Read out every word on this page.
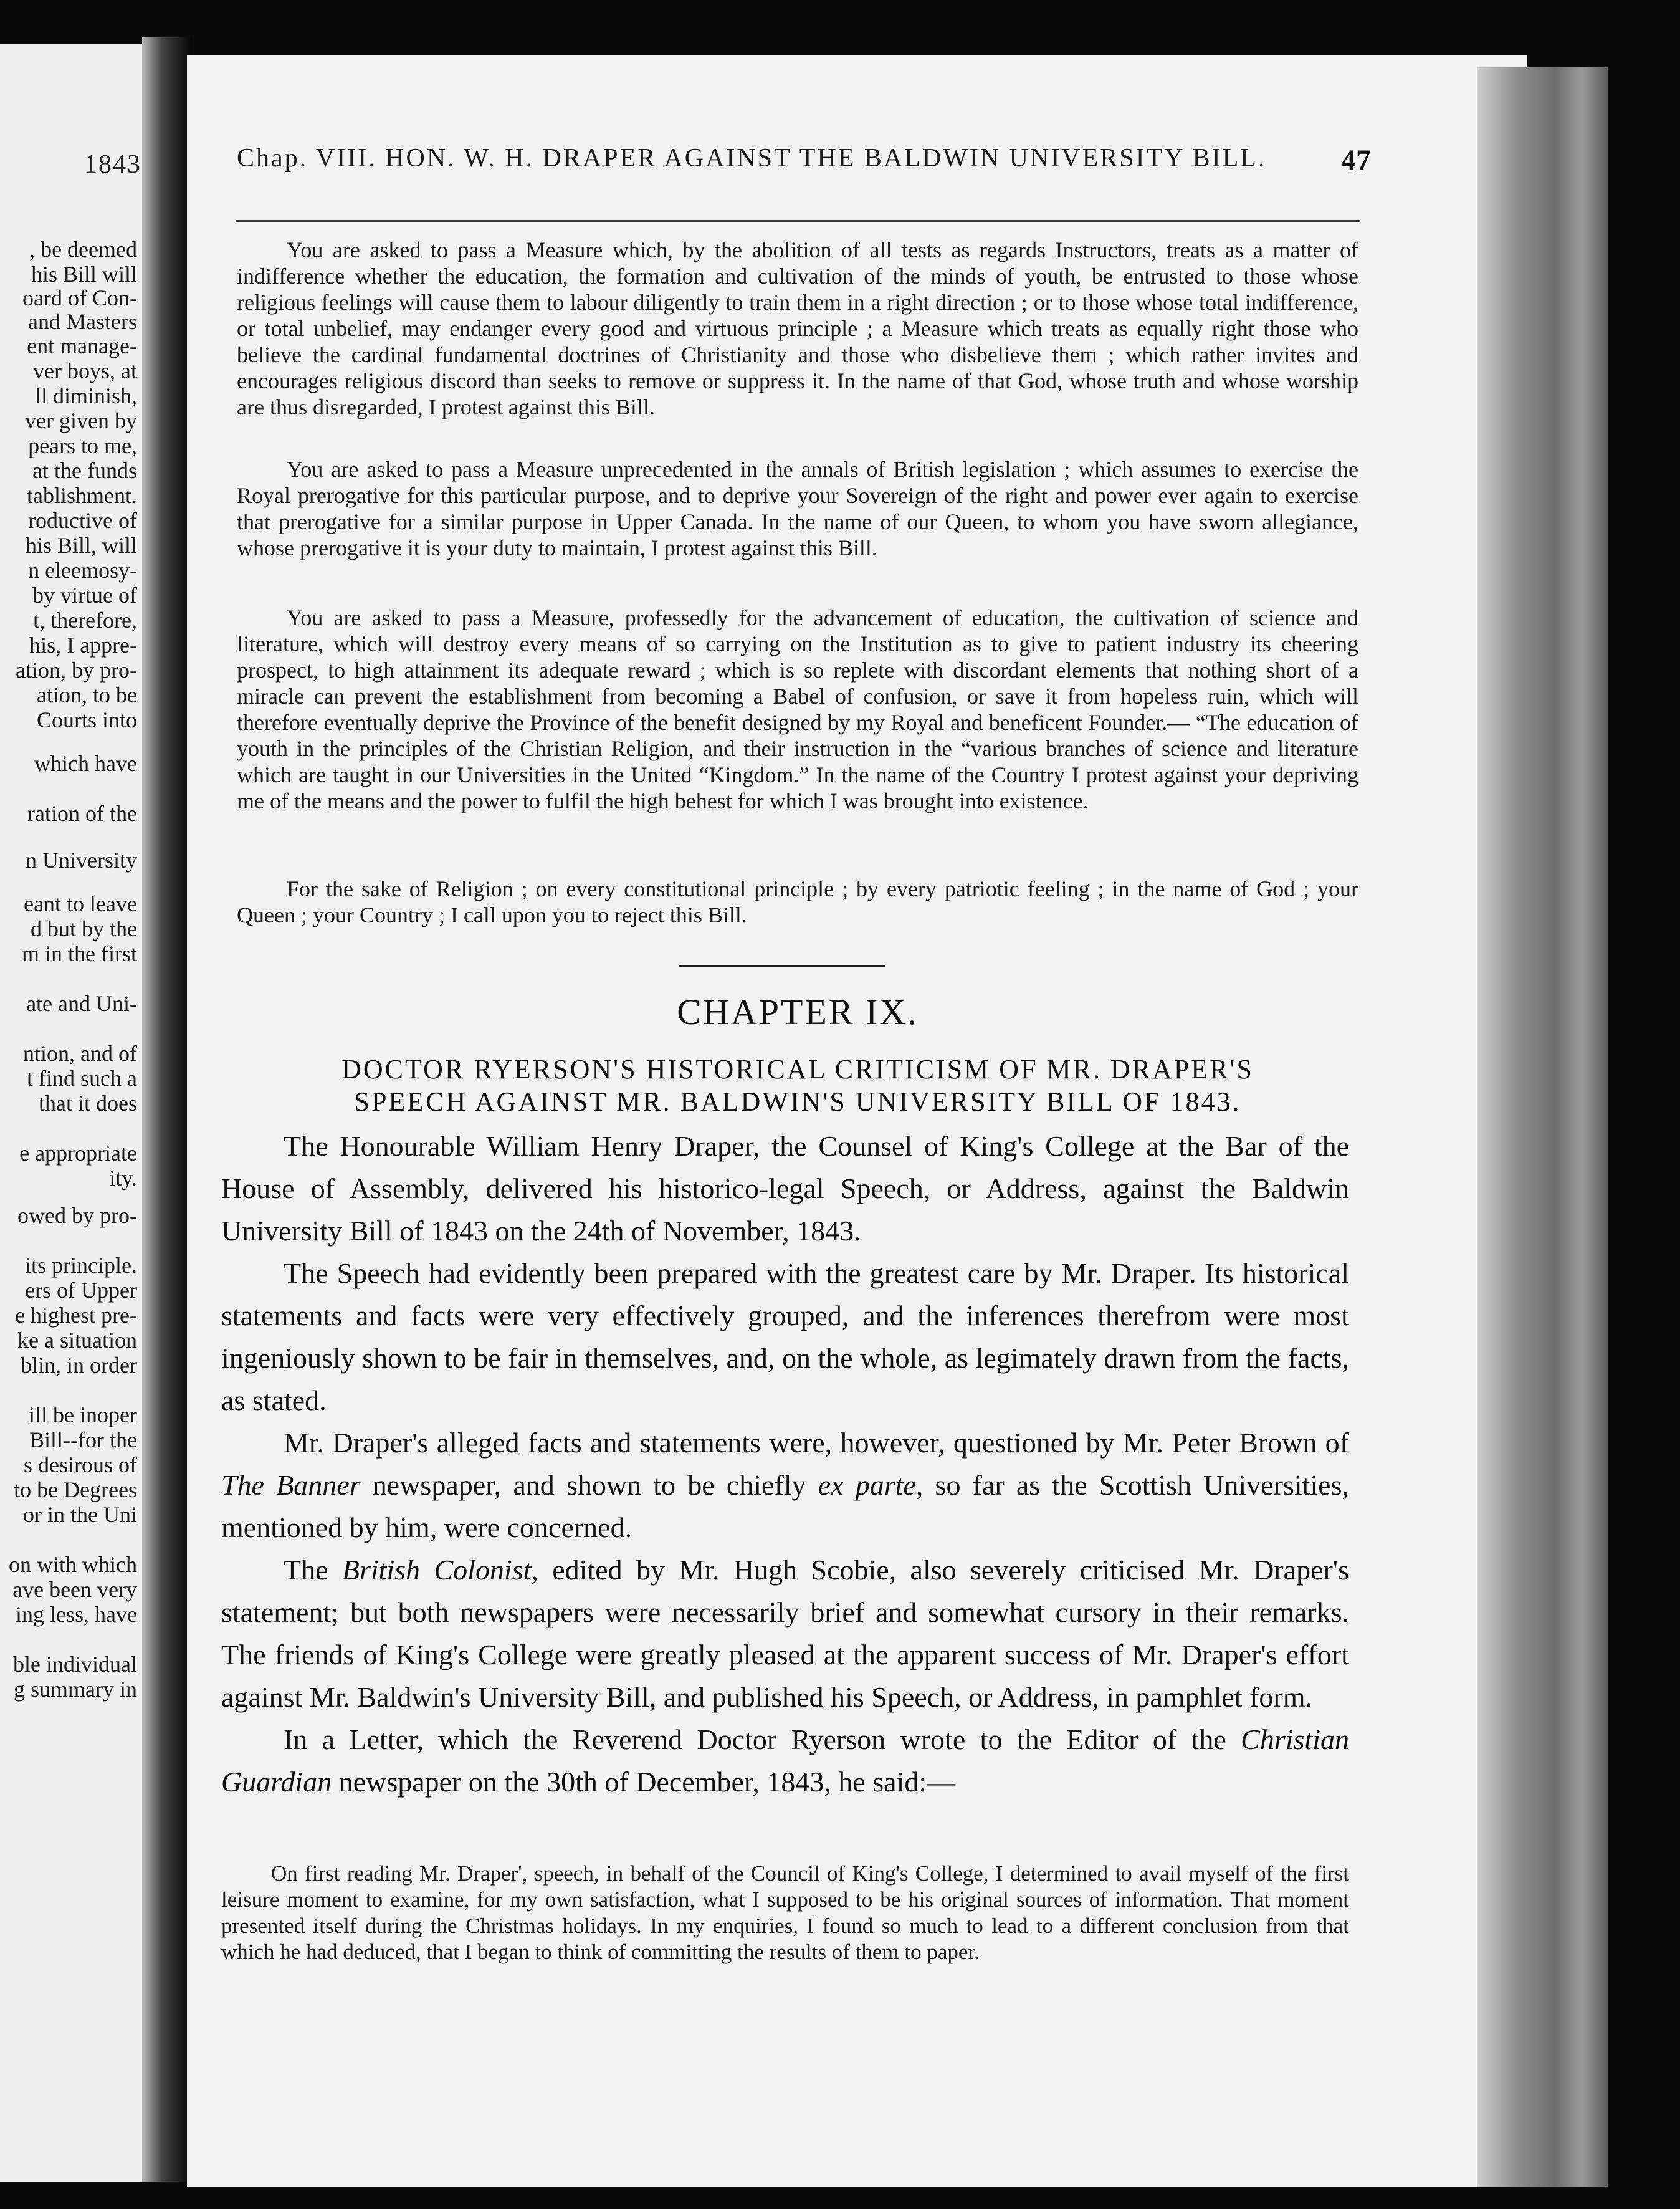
1843
, be deemed
his Bill will
oard of Con-
and Masters
ent manage-
ver boys, at
ll diminish,
ver given by
pears to me,
at the funds
tablishment.
roductive of
his Bill, will
n eleemosy-
by virtue of
t, therefore,
his, I appre-
ation, by pro-
ation, to be
Courts into
which have
ration of the
n University
eant to leave
d but by the
m in the first
ate and Uni-
ntion, and of
t find such a
that it does
e appropriate
ity.
owed by pro-
its principle.
ers of Upper
e highest pre-
ke a situation
blin, in order
ill be inoper
Bill--for the
s desirous of
to be Degrees
or in the Uni
on with which
ave been very
ing less, have
ble individual
g summary in
Chap. VIII. HON. W. H. DRAPER AGAINST THE BALDWIN UNIVERSITY BILL. 47

You are asked to pass a Measure which, by the abolition of all tests as regards Instructors, treats as a matter of indifference whether the education, the formation and cultivation of the minds of youth, be entrusted to those whose religious feelings will cause them to labour diligently to train them in a right direction ; or to those whose total indifference, or total unbelief, may endanger every good and virtuous principle ; a Measure which treats as equally right those who believe the cardinal fundamental doctrines of Christianity and those who disbelieve them ; which rather invites and encourages religious discord than seeks to remove or suppress it. In the name of that God, whose truth and whose worship are thus disregarded, I protest against this Bill.

You are asked to pass a Measure unprecedented in the annals of British legislation ; which assumes to exercise the Royal prerogative for this particular purpose, and to deprive your Sovereign of the right and power ever again to exercise that prerogative for a similar purpose in Upper Canada. In the name of our Queen, to whom you have sworn allegiance, whose prerogative it is your duty to maintain, I protest against this Bill.

You are asked to pass a Measure, professedly for the advancement of education, the cultivation of science and literature, which will destroy every means of so carrying on the Institution as to give to patient industry its cheering prospect, to high attainment its adequate reward ; which is so replete with discordant elements that nothing short of a miracle can prevent the establishment from becoming a Babel of confusion, or save it from hopeless ruin, which will therefore eventually deprive the Province of the benefit designed by my Royal and beneficent Founder.— “The education of youth in the principles of the Christian Religion, and their instruction in the “various branches of science and literature which are taught in our Universities in the United “Kingdom.” In the name of the Country I protest against your depriving me of the means and the power to fulfil the high behest for which I was brought into existence.

For the sake of Religion ; on every constitutional principle ; by every patriotic feeling ; in the name of God ; your Queen ; your Country ; I call upon you to reject this Bill.

CHAPTER IX.
DOCTOR RYERSON'S HISTORICAL CRITICISM OF MR. DRAPER'S
SPEECH AGAINST MR. BALDWIN'S UNIVERSITY BILL OF 1843.

The Honourable William Henry Draper, the Counsel of King's College at the Bar of the House of Assembly, delivered his historico-legal Speech, or Address, against the Baldwin University Bill of 1843 on the 24th of November, 1843.

The Speech had evidently been prepared with the greatest care by Mr. Draper. Its historical statements and facts were very effectively grouped, and the inferences therefrom were most ingeniously shown to be fair in themselves, and, on the whole, as legimately drawn from the facts, as stated.

Mr. Draper's alleged facts and statements were, however, questioned by Mr. Peter Brown of The Banner newspaper, and shown to be chiefly ex parte, so far as the Scottish Universities, mentioned by him, were concerned.

The British Colonist, edited by Mr. Hugh Scobie, also severely criticised Mr. Draper's statement; but both newspapers were necessarily brief and somewhat cursory in their remarks. The friends of King's College were greatly pleased at the apparent success of Mr. Draper's effort against Mr. Baldwin's University Bill, and published his Speech, or Address, in pamphlet form.

In a Letter, which the Reverend Doctor Ryerson wrote to the Editor of the Christian Guardian newspaper on the 30th of December, 1843, he said:—

On first reading Mr. Draper', speech, in behalf of the Council of King's College, I determined to avail myself of the first leisure moment to examine, for my own satisfaction, what I supposed to be his original sources of information. That moment presented itself during the Christmas holidays. In my enquiries, I found so much to lead to a different conclusion from that which he had deduced, that I began to think of committing the results of them to paper.
